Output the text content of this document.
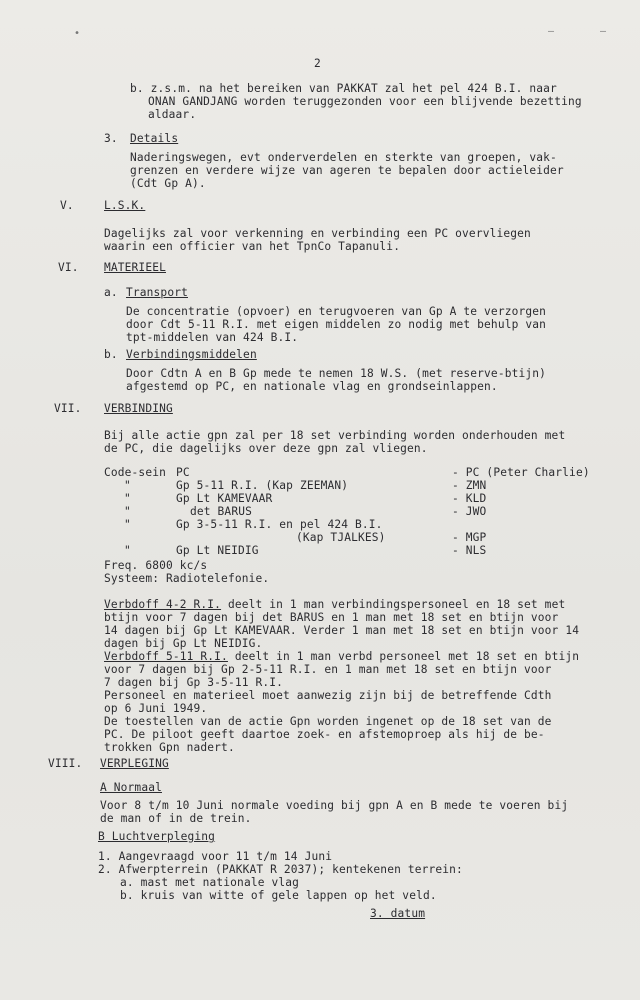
•	—	—
2
b. z.s.m. na het bereiken van PAKKAT zal het pel 424 B.I. naar
ONAN GANDJANG worden teruggezonden voor een blijvende bezetting
aldaar.
3. Details
Naderingswegen, evt onderverdelen en sterkte van groepen, vak-
grenzen en verdere wijze van ageren te bepalen door actieleider
(Cdt Gp A).
V.	L.S.K.
Dagelijks zal voor verkenning en verbinding een PC overvliegen
waarin een officier van het TpnCo Tapanuli.
VI. MATERIEEL
a. Transport
De concentratie (opvoer) en terugvoeren van Gp A te verzorgen
door Cdt 5-11 R.I. met eigen middelen zo nodig met behulp van
tpt-middelen van 424 B.I.
b. Verbindingsmiddelen
Door Cdtn A en B Gp mede te nemen 18 W.S. (met reserve-btijn)
afgestemd op PC, en nationale vlag en grondseinlappen.
VII. VERBINDING
Bij alle actie gpn zal per 18 set verbinding worden onderhouden met
de PC, die dagelijks over deze gpn zal vliegen.
Code-sein PC	- PC (Peter Charlie)
"	Gp 5-11 R.I. (Kap ZEEMAN)	- ZMN
"	Gp Lt KAMEVAAR	- KLD
"	det BARUS	- JWO
"	Gp 3-5-11 R.I. en pel 424 B.I.
(Kap TJALKES)	- MGP
"	Gp Lt NEIDIG	- NLS
Freq. 6800 kc/s
Systeem: Radiotelefonie.
Verbdoff 4-2 R.I. deelt in 1 man verbindingspersoneel en 18 set met
btijn voor 7 dagen bij det BARUS en 1 man met 18 set en btijn voor
14 dagen bij Gp Lt KAMEVAAR. Verder 1 man met 18 set en btijn voor 14
dagen bij Gp Lt NEIDIG.
Verbdoff 5-11 R.I. deelt in 1 man verbd personeel met 18 set en btijn
voor 7 dagen bij Gp 2-5-11 R.I. en 1 man met 18 set en btijn voor
7 dagen bij Gp 3-5-11 R.I.
Personeel en materieel moet aanwezig zijn bij de betreffende Cdth
op 6 Juni 1949.
De toestellen van de actie Gpn worden ingenet op de 18 set van de
PC. De piloot geeft daartoe zoek- en afstemoproep als hij de be-
trokken Gpn nadert.
VIII. VERPLEGING
A Normaal
Voor 8 t/m 10 Juni normale voeding bij gpn A en B mede te voeren bij
de man of in de trein.
B Luchtverpleging
1. Aangevraagd voor 11 t/m 14 Juni
2. Afwerpterrein (PAKKAT R 2037); kentekenen terrein:
a. mast met nationale vlag
b. kruis van witte of gele lappen op het veld.
3. datum
